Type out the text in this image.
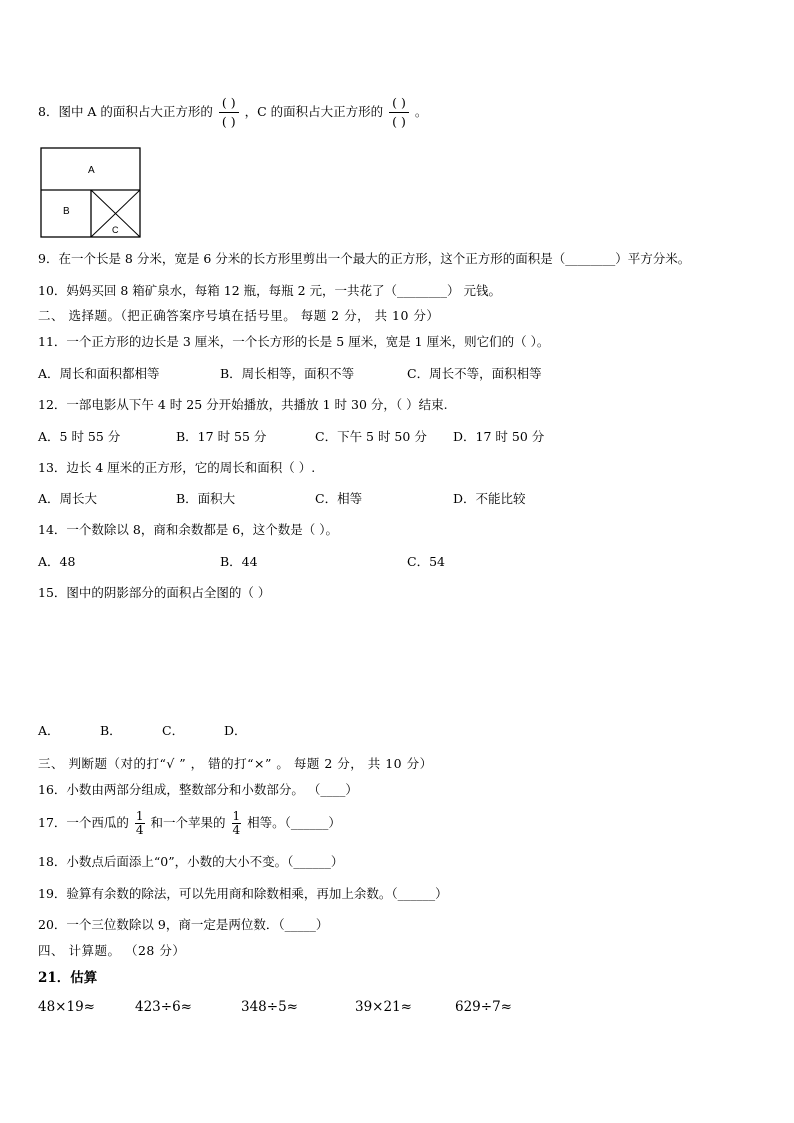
8．图中 A 的面积占大正方形的 $\frac{( )}{( )}$ ，C 的面积占大正方形的 $\frac{( )}{( )}$ 。
A
B
C
9．在一个长是 8 分米，宽是 6 分米的长方形里剪出一个最大的正方形，这个正方形的面积是（________）平方分米。
10．妈妈买回 8 箱矿泉水，每箱 12 瓶，每瓶 2 元，一共花了（________） 元钱。
二、 选择题。（把正确答案序号填在括号里。 每题 2 分， 共 10 分）
11．一个正方形的边长是 3 厘米，一个长方形的长是 5 厘米，宽是 1 厘米，则它们的（ ）。
A．周长和面积都相等	B．周长相等，面积不等	C．周长不等，面积相等
12．一部电影从下午 4 时 25 分开始播放，共播放 1 时 30 分，（ ）结束.
A．5 时 55 分	B．17 时 55 分	C．下午 5 时 50 分 D．17 时 50 分
13．边长 4 厘米的正方形，它的周长和面积（ ）.
A．周长大	B．面积大	C．相等	D．不能比较
14．一个数除以 8，商和余数都是 6，这个数是（ ）。
A．48	B．44	C．54
15．图中的阴影部分的面积占全图的（ ）
A．	B．	C．	D．
三、 判断题（对的打“√ ” ， 错的打“×” 。 每题 2 分， 共 10 分）
16．小数由两部分组成，整数部分和小数部分。 （____）
17．一个西瓜的 $\frac{1}{4}$ 和一个苹果的 $\frac{1}{4}$ 相等。（______）
18．小数点后面添上“0”，小数的大小不变。（______）
19．验算有余数的除法，可以先用商和除数相乘，再加上余数。（______）
20．一个三位数除以 9，商一定是两位数．（_____）
四、 计算题。 （28 分）
21．估算
48×19≈	423÷6≈	348÷5≈	39×21≈	629÷7≈
